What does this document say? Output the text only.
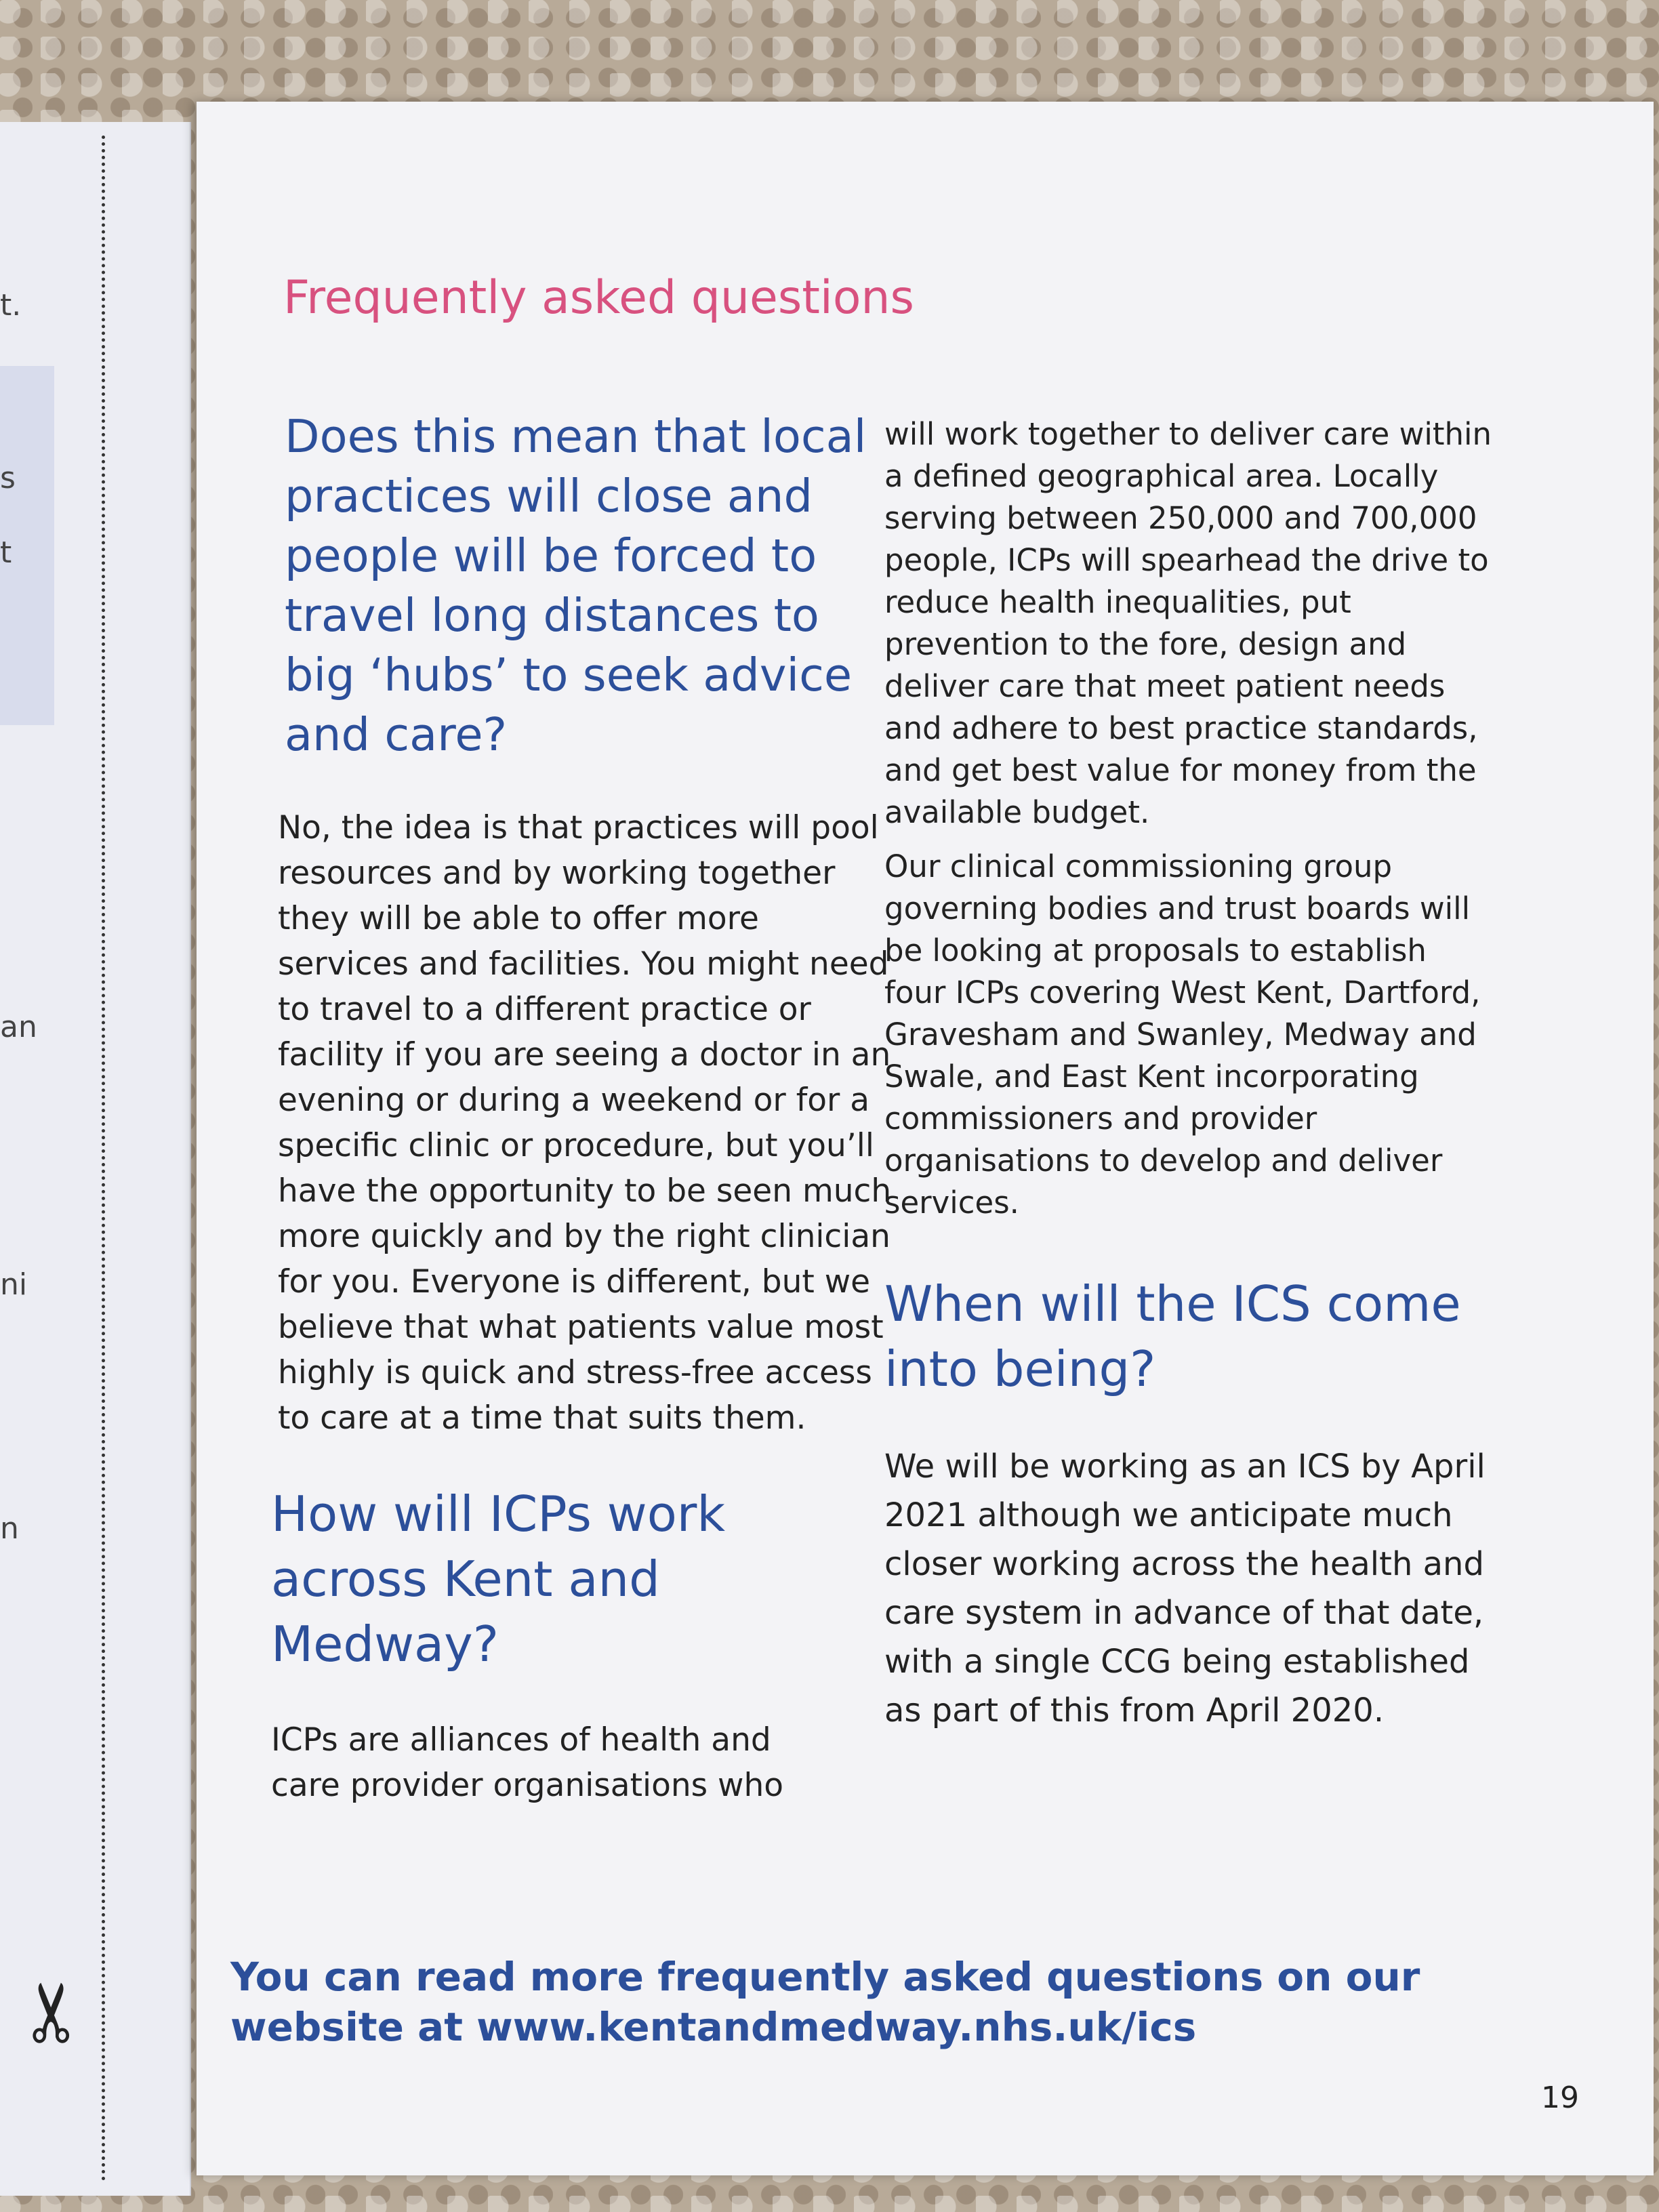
t.
s
t
an
ni
n
✂
Frequently asked questions
Does this mean that local practices will close and people will be forced to travel long distances to big ‘hubs’ to seek advice and care?

No, the idea is that practices will pool resources and by working together they will be able to offer more services and facilities. You might need to travel to a different practice or facility if you are seeing a doctor in an evening or during a weekend or for a specific clinic or procedure, but you’ll have the opportunity to be seen much more quickly and by the right clinician for you. Everyone is different, but we believe that what patients value most highly is quick and stress-free access to care at a time that suits them.

How will ICPs work across Kent and Medway?

ICPs are alliances of health and care provider organisations who

will work together to deliver care within a defined geographical area. Locally serving between 250,000 and 700,000 people, ICPs will spearhead the drive to reduce health inequalities, put prevention to the fore, design and deliver care that meet patient needs and adhere to best practice standards, and get best value for money from the available budget.

Our clinical commissioning group governing bodies and trust boards will be looking at proposals to establish four ICPs covering West Kent, Dartford, Gravesham and Swanley, Medway and Swale, and East Kent incorporating commissioners and provider organisations to develop and deliver services.

When will the ICS come into being?

We will be working as an ICS by April 2021 although we anticipate much closer working across the health and care system in advance of that date, with a single CCG being established as part of this from April 2020.

You can read more frequently asked questions on our website at www.kentandmedway.nhs.uk/ics
19
